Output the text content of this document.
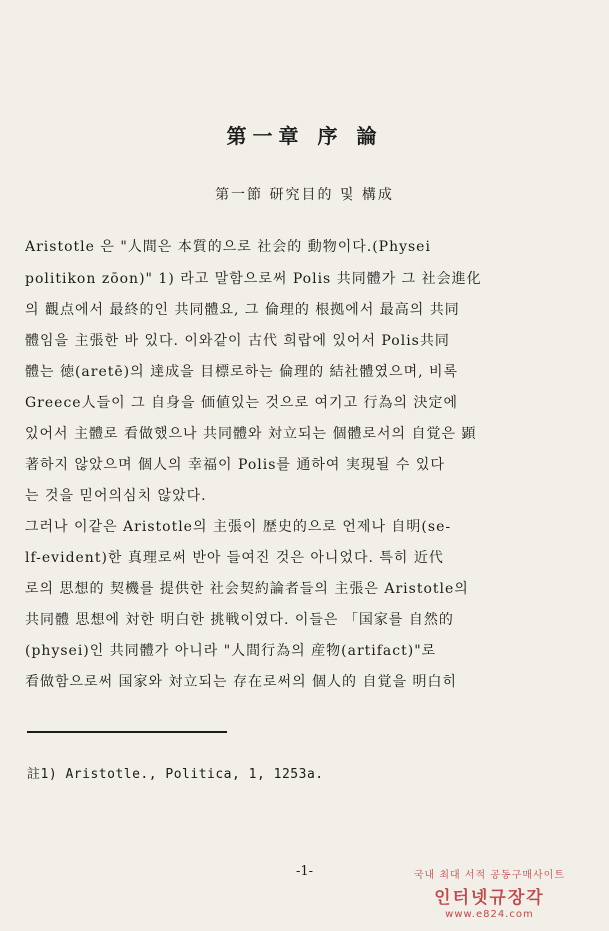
第一章 序 論
第一節 研究目的 및 構成
Aristotle 은 "人間은 本質的으로 社会的 動物이다.(Physei
politikon zōon)" 1) 라고 말함으로써 Polis 共同體가 그 社会進化
의 觀点에서 最終的인 共同體요, 그 倫理的 根拠에서 最高의 共同
體임을 主張한 바 있다. 이와같이 古代 희랍에 있어서 Polis共同
體는 徳(aretē)의 達成을 目標로하는 倫理的 結社體였으며, 비록
Greece人들이 그 自身을 価値있는 것으로 여기고 行為의 決定에
있어서 主體로 看做했으나 共同體와 対立되는 個體로서의 自覚은 顕
著하지 않았으며 個人의 幸福이 Polis를 通하여 実現될 수 있다
는 것을 믿어의심치 않았다.
그러나 이같은 Aristotle의 主張이 歴史的으로 언제나 自明(se-
lf-evident)한 真理로써 반아 들여진 것은 아니었다. 특히 近代
로의 思想的 契機를 提供한 社会契約論者들의 主張은 Aristotle의
共同體 思想에 対한 明白한 挑戦이였다. 이들은 「国家를 自然的
(physei)인 共同體가 아니라 "人間行為의 産物(artifact)"로
看做함으로써 国家와 対立되는 存在로써의 個人的 自覚을 明白히
註1) Aristotle., Politica, 1, 1253a.
-1-	국내 최대 서적 공동구매사이트
인터넷규장각
www.e824.com
